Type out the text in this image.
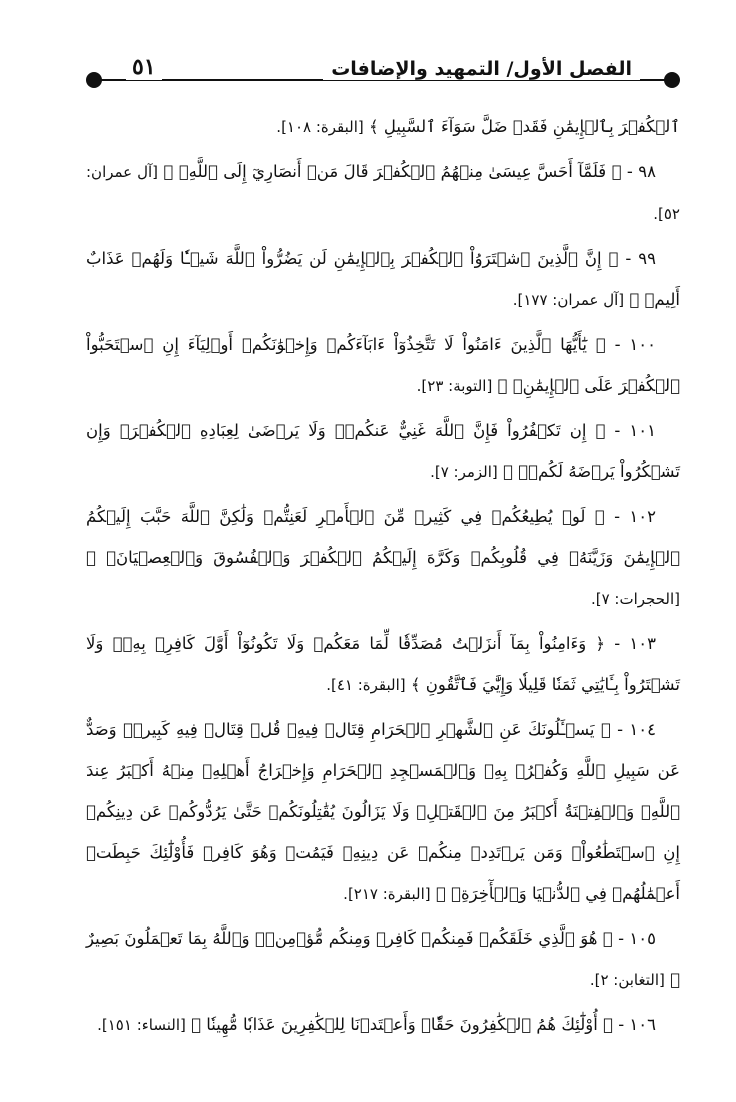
٥١	الفصل الأول/ التمهيد والإضافات

ٱلۡكُفۡرَ بِٱلۡإِيمَٰنِ فَقَدۡ ضَلَّ سَوَآءَ ٱلسَّبِيلِ ﴾ [البقرة: ١٠٨].

٩٨ - ﴿ فَلَمَّآ أَحَسَّ عِيسَىٰ مِنۡهُمُ ٱلۡكُفۡرَ قَالَ مَنۡ أَنصَارِيٓ إِلَى ٱللَّهِۖ ﴾ [آل عمران: ٥٢].

٩٩ - ﴿ إِنَّ ٱلَّذِينَ ٱشۡتَرَوُاْ ٱلۡكُفۡرَ بِٱلۡإِيمَٰنِ لَن يَضُرُّواْ ٱللَّهَ شَيۡـٔٗا وَلَهُمۡ عَذَابٌ أَلِيمٞ ﴾ [آل عمران: ١٧٧].

١٠٠ - ﴿ يَٰٓأَيُّهَا ٱلَّذِينَ ءَامَنُواْ لَا تَتَّخِذُوٓاْ ءَابَآءَكُمۡ وَإِخۡوَٰنَكُمۡ أَوۡلِيَآءَ إِنِ ٱسۡتَحَبُّواْ ٱلۡكُفۡرَ عَلَى ٱلۡإِيمَٰنِۚ ﴾ [التوبة: ٢٣].

١٠١ - ﴿ إِن تَكۡفُرُواْ فَإِنَّ ٱللَّهَ غَنِيٌّ عَنكُمۡۖ وَلَا يَرۡضَىٰ لِعِبَادِهِ ٱلۡكُفۡرَۖ وَإِن تَشۡكُرُواْ يَرۡضَهُ لَكُمۡۗ ﴾ [الزمر: ٧].

١٠٢ - ﴿ لَوۡ يُطِيعُكُمۡ فِي كَثِيرٖ مِّنَ ٱلۡأَمۡرِ لَعَنِتُّمۡ وَلَٰكِنَّ ٱللَّهَ حَبَّبَ إِلَيۡكُمُ ٱلۡإِيمَٰنَ وَزَيَّنَهُۥ فِي قُلُوبِكُمۡ وَكَرَّهَ إِلَيۡكُمُ ٱلۡكُفۡرَ وَٱلۡفُسُوقَ وَٱلۡعِصۡيَانَۚ ﴾ [الحجرات: ٧].

١٠٣ - ﴿ وَءَامِنُواْ بِمَآ أَنزَلۡتُ مُصَدِّقٗا لِّمَا مَعَكُمۡ وَلَا تَكُونُوٓاْ أَوَّلَ كَافِرِۭ بِهِۦۖ وَلَا تَشۡتَرُواْ بِـَٔايَٰتِي ثَمَنٗا قَلِيلٗا وَإِيَّٰيَ فَٱتَّقُونِ ﴾ [البقرة: ٤١].

١٠٤ - ﴿ يَسۡـَٔلُونَكَ عَنِ ٱلشَّهۡرِ ٱلۡحَرَامِ قِتَالٖ فِيهِۖ قُلۡ قِتَالٞ فِيهِ كَبِيرٞۚ وَصَدٌّ عَن سَبِيلِ ٱللَّهِ وَكُفۡرُۢ بِهِۦ وَٱلۡمَسۡجِدِ ٱلۡحَرَامِ وَإِخۡرَاجُ أَهۡلِهِۦ مِنۡهُ أَكۡبَرُ عِندَ ٱللَّهِۚ وَٱلۡفِتۡنَةُ أَكۡبَرُ مِنَ ٱلۡقَتۡلِۗ وَلَا يَزَالُونَ يُقَٰتِلُونَكُمۡ حَتَّىٰ يَرُدُّوكُمۡ عَن دِينِكُمۡ إِنِ ٱسۡتَطَٰعُواْۚ وَمَن يَرۡتَدِدۡ مِنكُمۡ عَن دِينِهِۦ فَيَمُتۡ وَهُوَ كَافِرٞ فَأُوْلَٰٓئِكَ حَبِطَتۡ أَعۡمَٰلُهُمۡ فِي ٱلدُّنۡيَا وَٱلۡأٓخِرَةِۖ ﴾ [البقرة: ٢١٧].

١٠٥ - ﴿ هُوَ ٱلَّذِي خَلَقَكُمۡ فَمِنكُمۡ كَافِرٞ وَمِنكُم مُّؤۡمِنٞۚ وَٱللَّهُ بِمَا تَعۡمَلُونَ بَصِيرٌ ﴾ [التغابن: ٢].

١٠٦ - ﴿ أُوْلَٰٓئِكَ هُمُ ٱلۡكَٰفِرُونَ حَقّٗاۚ وَأَعۡتَدۡنَا لِلۡكَٰفِرِينَ عَذَابٗا مُّهِينٗا ﴾ [النساء: ١٥١].
